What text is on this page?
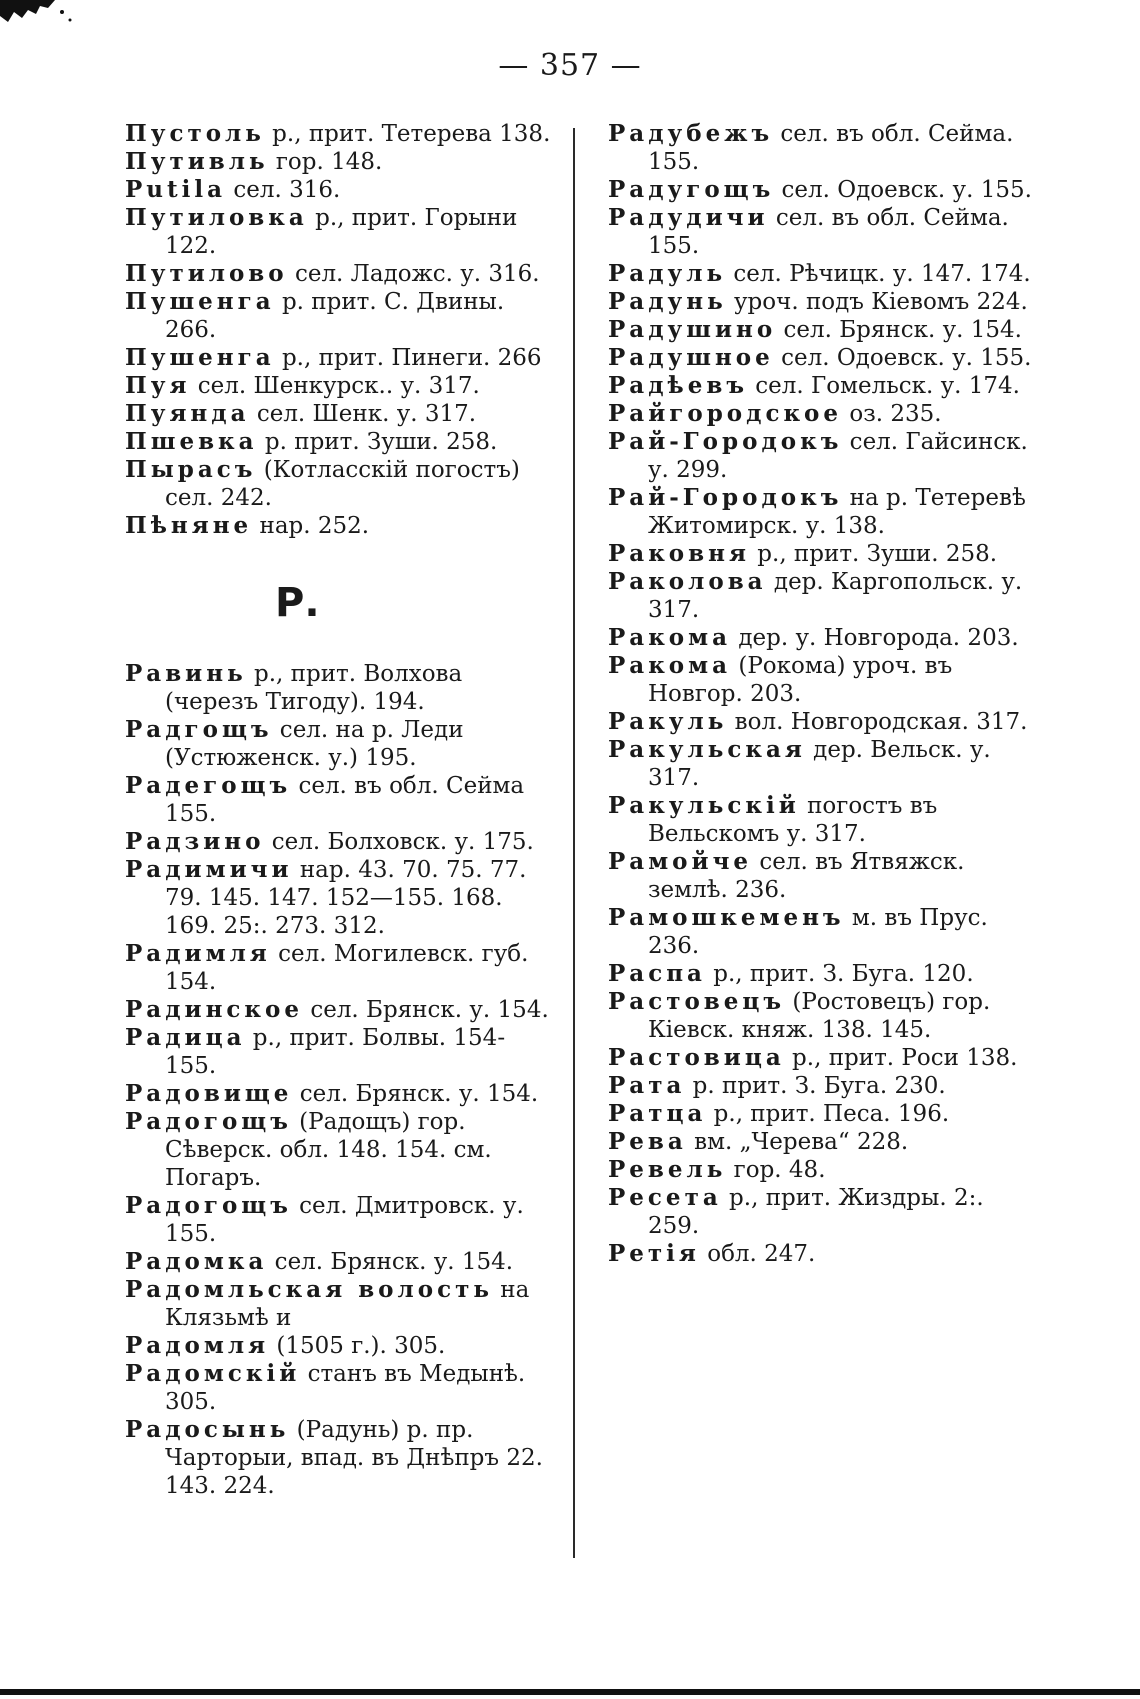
— 357 —

Пустоль р., прит. Тетерева 138.

Путивль гор. 148.

Putila сел. 316.

Путиловка р., прит. Горыни 122.

Путилово сел. Ладожс. у. 316.

Пушенга р. прит. С. Двины. 266.

Пушенга р., прит. Пинеги. 266

Пуя сел. Шенкурск.. у. 317.

Пуянда сел. Шенк. у. 317.

Пшевка р. прит. Зуши. 258.

Пырасъ (Котласскій погостъ) сел. 242.

Пѣняне нар. 252.

Р.

Равинь р., прит. Волхова (черезъ Тигоду). 194.

Радгощъ сел. на р. Леди (Устюженск. у.) 195.

Радегощъ сел. въ обл. Сейма 155.

Радзино сел. Болховск. у. 175.

Радимичи нар. 43. 70. 75. 77. 79. 145. 147. 152—155. 168. 169. 25:. 273. 312.

Радимля сел. Могилевск. губ. 154.

Радинское сел. Брянск. у. 154.

Радица р., прит. Болвы. 154-155.

Радовище сел. Брянск. у. 154.

Радогощъ (Радощъ) гор. Сѣверск. обл. 148. 154. см. Погаръ.

Радогощъ сел. Дмитровск. у. 155.

Радомка сел. Брянск. у. 154.

Радомльская волость на Клязьмѣ и

Радомля (1505 г.). 305.

Радомскій станъ въ Медынѣ. 305.

Радосынь (Радунь) р. пр. Чарторыи, впад. въ Днѣпръ 22. 143. 224.

Радубежъ сел. въ обл. Сейма. 155.

Радугощъ сел. Одоевск. у. 155.

Радудичи сел. въ обл. Сейма. 155.

Радуль сел. Рѣчицк. у. 147. 174.

Радунь уроч. подъ Кіевомъ 224.

Радушино сел. Брянск. у. 154.

Радушное сел. Одоевск. у. 155.

Радѣевъ сел. Гомельск. у. 174.

Райгородское оз. 235.

Рай-Городокъ сел. Гайсинск. у. 299.

Рай-Городокъ на р. Тетеревѣ Житомирск. у. 138.

Раковня р., прит. Зуши. 258.

Раколова дер. Каргопольск. у. 317.

Ракома дер. у. Новгорода. 203.

Ракома (Рокома) уроч. въ Новгор. 203.

Ракуль вол. Новгородская. 317.

Ракульская дер. Вельск. у. 317.

Ракульскій погостъ въ Вельскомъ у. 317.

Рамойче сел. въ Ятвяжск. землѣ. 236.

Рамошкеменъ м. въ Прус. 236.

Распа р., прит. З. Буга. 120.

Растовецъ (Ростовецъ) гор. Кіевск. княж. 138. 145.

Растовица р., прит. Роси 138.

Рата р. прит. З. Буга. 230.

Ратца р., прит. Песа. 196.

Рева вм. „Черева“ 228.

Ревель гор. 48.

Ресета р., прит. Жиздры. 2:. 259.

Ретія обл. 247.
